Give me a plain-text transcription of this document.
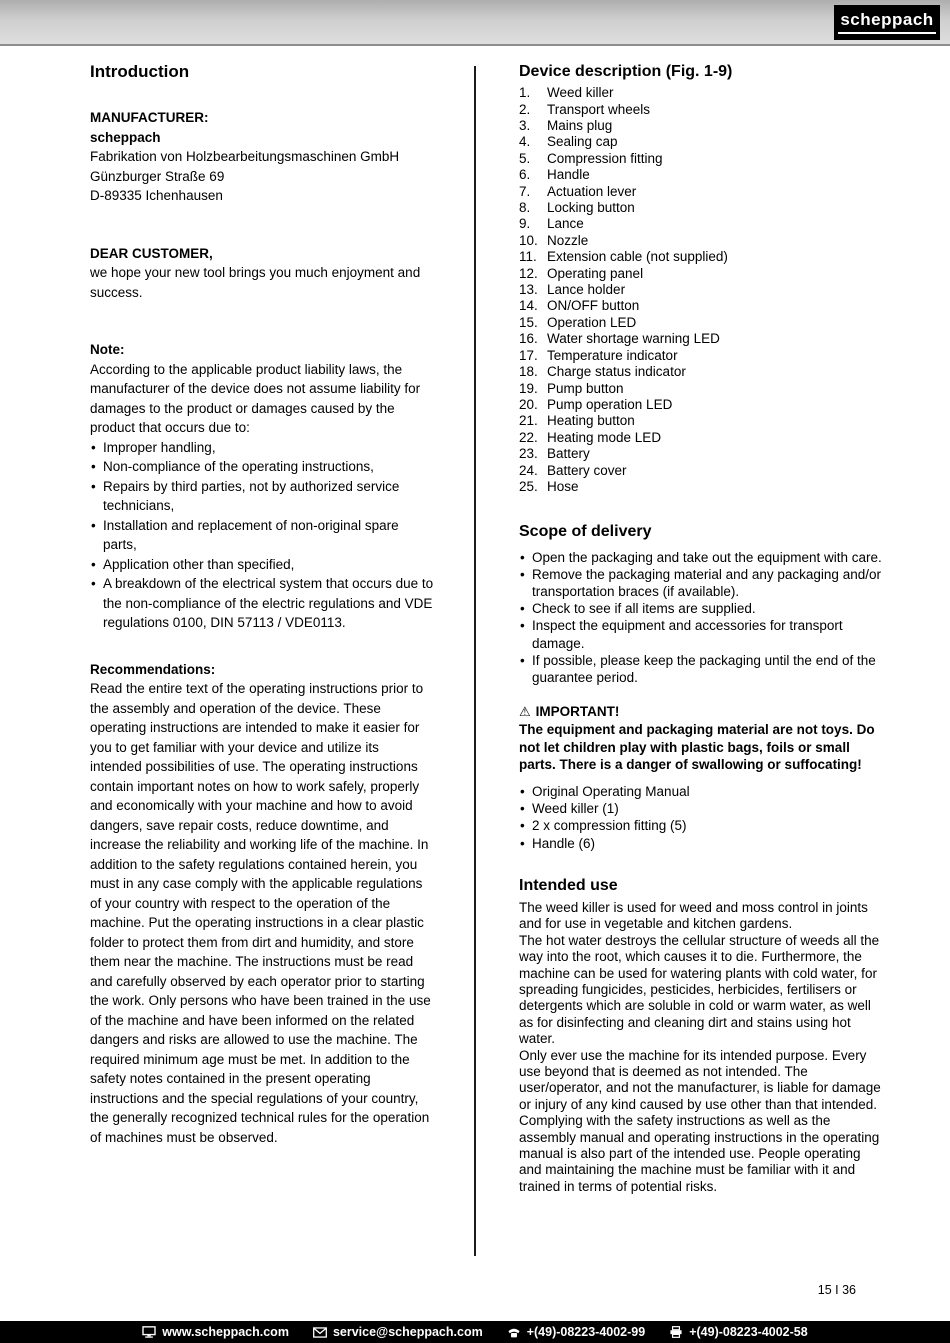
scheppach
Introduction

MANUFACTURER:

scheppach

Fabrikation von Holzbearbeitungsmaschinen GmbH

Günzburger Straße 69

D-89335 Ichenhausen

DEAR CUSTOMER,

we hope your new tool brings you much enjoyment and success.

Note:

According to the applicable product liability laws, the manufacturer of the device does not assume liability for damages to the product or damages caused by the product that occurs due to:

• Improper handling,
• Non-compliance of the operating instructions,
• Repairs by third parties, not by authorized service technicians,
• Installation and replacement of non-original spare parts,
• Application other than specified,
• A breakdown of the electrical system that occurs due to the non-compliance of the electric regulations and VDE regulations 0100, DIN 57113 / VDE0113.

Recommendations:

Read the entire text of the operating instructions prior to the assembly and operation of the device. These operating instructions are intended to make it easier for you to get familiar with your device and utilize its intended possibilities of use. The operating instructions contain important notes on how to work safely, properly and economically with your machine and how to avoid dangers, save repair costs, reduce downtime, and increase the reliability and working life of the machine. In addition to the safety regulations contained herein, you must in any case comply with the applicable regulations of your country with respect to the operation of the machine. Put the operating instructions in a clear plastic folder to protect them from dirt and humidity, and store them near the machine. The instructions must be read and carefully observed by each operator prior to starting the work. Only persons who have been trained in the use of the machine and have been informed on the related dangers and risks are allowed to use the machine. The required minimum age must be met. In addition to the safety notes contained in the present operating instructions and the special regulations of your country, the generally recognized technical rules for the operation of machines must be observed.

Device description (Fig. 1-9)
1.	Weed killer
2.	Transport wheels
3.	Mains plug
4.	Sealing cap
5.	Compression fitting
6.	Handle
7.	Actuation lever
8.	Locking button
9.	Lance
10. Nozzle
11. Extension cable (not supplied)
12. Operating panel
13. Lance holder
14. ON/OFF button
15. Operation LED
16. Water shortage warning LED
17. Temperature indicator
18. Charge status indicator
19. Pump button
20. Pump operation LED
21. Heating button
22. Heating mode LED
23. Battery
24. Battery cover
25. Hose
Scope of delivery
• Open the packaging and take out the equipment with care.
• Remove the packaging material and any packaging and/or transportation braces (if available).
• Check to see if all items are supplied.
• Inspect the equipment and accessories for transport damage.
• If possible, please keep the packaging until the end of the guarantee period.

⚠ IMPORTANT!

The equipment and packaging material are not toys. Do not let children play with plastic bags, foils or small parts. There is a danger of swallowing or suffocating!

• Original Operating Manual
• Weed killer (1)
• 2 x compression fitting (5)
• Handle (6)
Intended use

The weed killer is used for weed and moss control in joints and for use in vegetable and kitchen gardens.

The hot water destroys the cellular structure of weeds all the way into the root, which causes it to die. Furthermore, the machine can be used for watering plants with cold water, for spreading fungicides, pesticides, herbicides, fertilisers or detergents which are soluble in cold or warm water, as well as for disinfecting and cleaning dirt and stains using hot water.

Only ever use the machine for its intended purpose. Every use beyond that is deemed as not intended. The user/operator, and not the manufacturer, is liable for damage or injury of any kind caused by use other than that intended.

Complying with the safety instructions as well as the assembly manual and operating instructions in the operating manual is also part of the intended use. People operating and maintaining the machine must be familiar with it and trained in terms of potential risks.

15 I 36
www.scheppach.com	service@scheppach.com	+(49)-08223-4002-99	+(49)-08223-4002-58
